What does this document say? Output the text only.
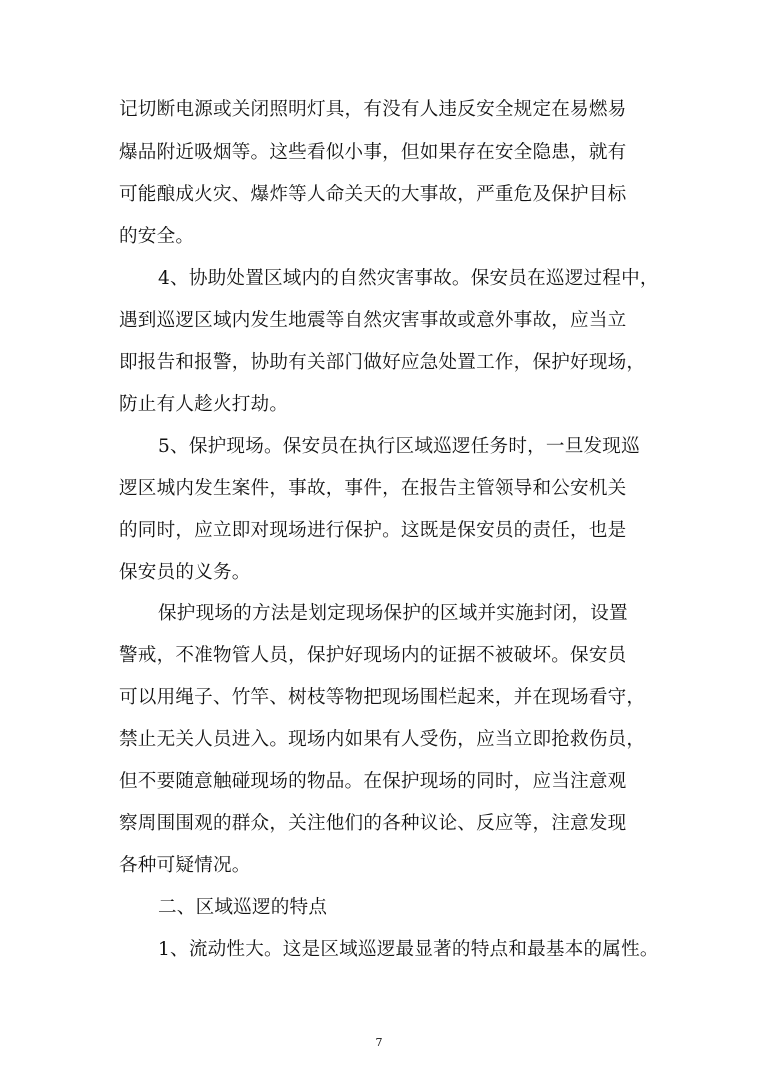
记切断电源或关闭照明灯具，有没有人违反安全规定在易燃易
爆品附近吸烟等。这些看似小事，但如果存在安全隐患，就有
可能酿成火灾、爆炸等人命关天的大事故，严重危及保护目标
的安全。
4、协助处置区域内的自然灾害事故。保安员在巡逻过程中，
遇到巡逻区域内发生地震等自然灾害事故或意外事故，应当立
即报告和报警，协助有关部门做好应急处置工作，保护好现场，
防止有人趁火打劫。
5、保护现场。保安员在执行区域巡逻任务时，一旦发现巡
逻区城内发生案件，事故，事件，在报告主管领导和公安机关
的同时，应立即对现场进行保护。这既是保安员的责任，也是
保安员的义务。
保护现场的方法是划定现场保护的区域并实施封闭，设置
警戒，不准物管人员，保护好现场内的证据不被破坏。保安员
可以用绳子、竹竿、树枝等物把现场围栏起来，并在现场看守，
禁止无关人员进入。现场内如果有人受伤，应当立即抢救伤员，
但不要随意触碰现场的物品。在保护现场的同时，应当注意观
察周围围观的群众，关注他们的各种议论、反应等，注意发现
各种可疑情况。
二、区域巡逻的特点
1、流动性大。这是区域巡逻最显著的特点和最基本的属性。
7
